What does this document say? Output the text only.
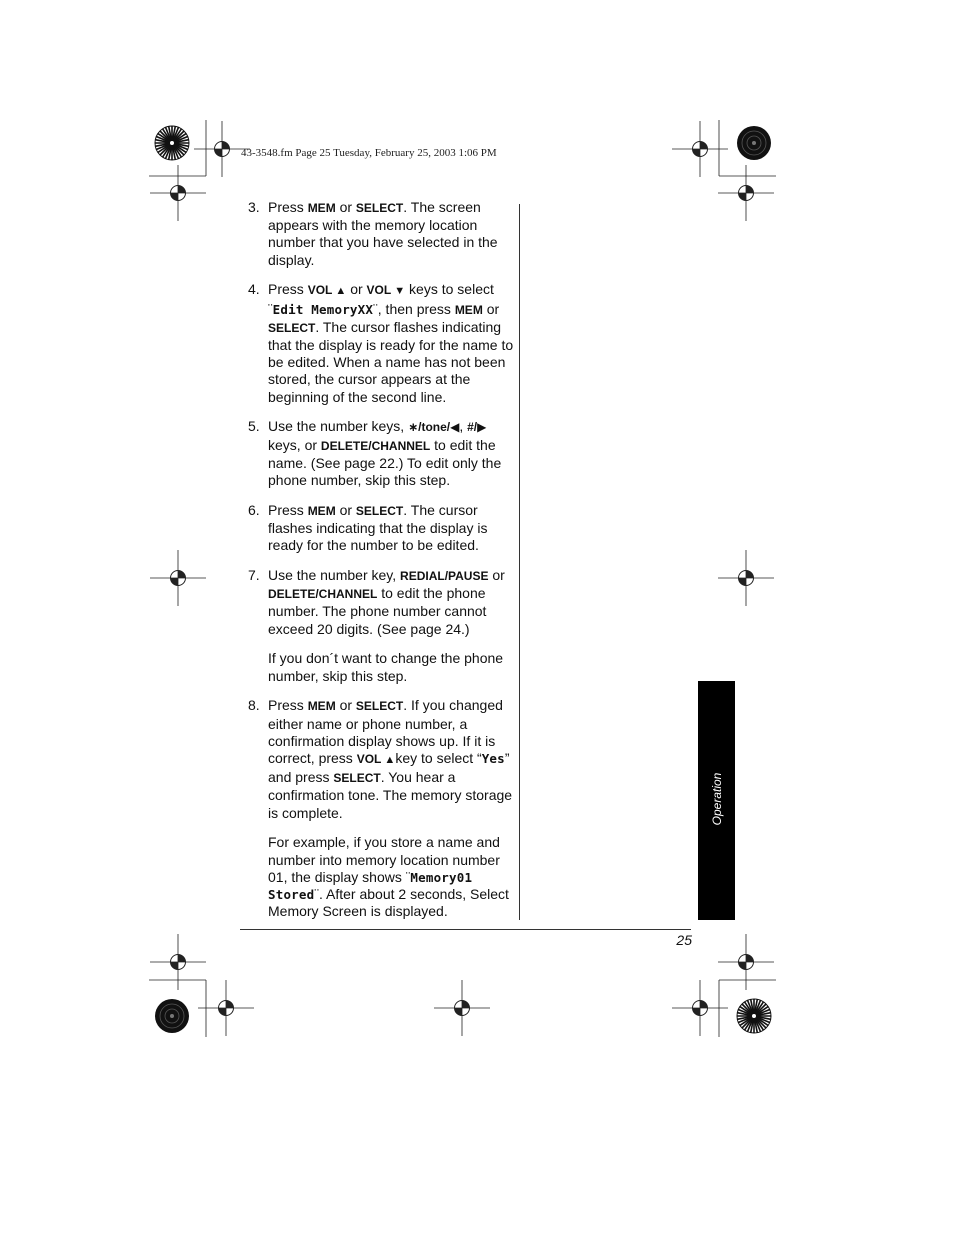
43-3548.fm Page 25 Tuesday, February 25, 2003 1:06 PM
3. Press MEM or SELECT. The screen appears with the memory location number that you have selected in the display.
4. Press VOL ▲ or VOL ▼ keys to select ¨Edit MemoryXX¨, then press MEM or SELECT. The cursor flashes indicating that the display is ready for the name to be edited. When a name has not been stored, the cursor appears at the beginning of the second line.
5. Use the number keys, ∗/tone/◀, #/▶ keys, or DELETE/CHANNEL to edit the name. (See page 22.) To edit only the phone number, skip this step.
6. Press MEM or SELECT. The cursor flashes indicating that the display is ready for the number to be edited.
7. Use the number key, REDIAL/PAUSE or DELETE/CHANNEL to edit the phone number. The phone number cannot exceed 20 digits. (See page 24.)
If you don´t want to change the phone number, skip this step.
8. Press MEM or SELECT. If you changed either name or phone number, a confirmation display shows up. If it is correct, press VOL ▲key to select “Yes” and press SELECT. You hear a confirmation tone. The memory storage is complete.
For example, if you store a name and number into memory location number 01, the display shows ¨Memory01 Stored¨. After about 2 seconds, Select Memory Screen is displayed.
25
Operation
